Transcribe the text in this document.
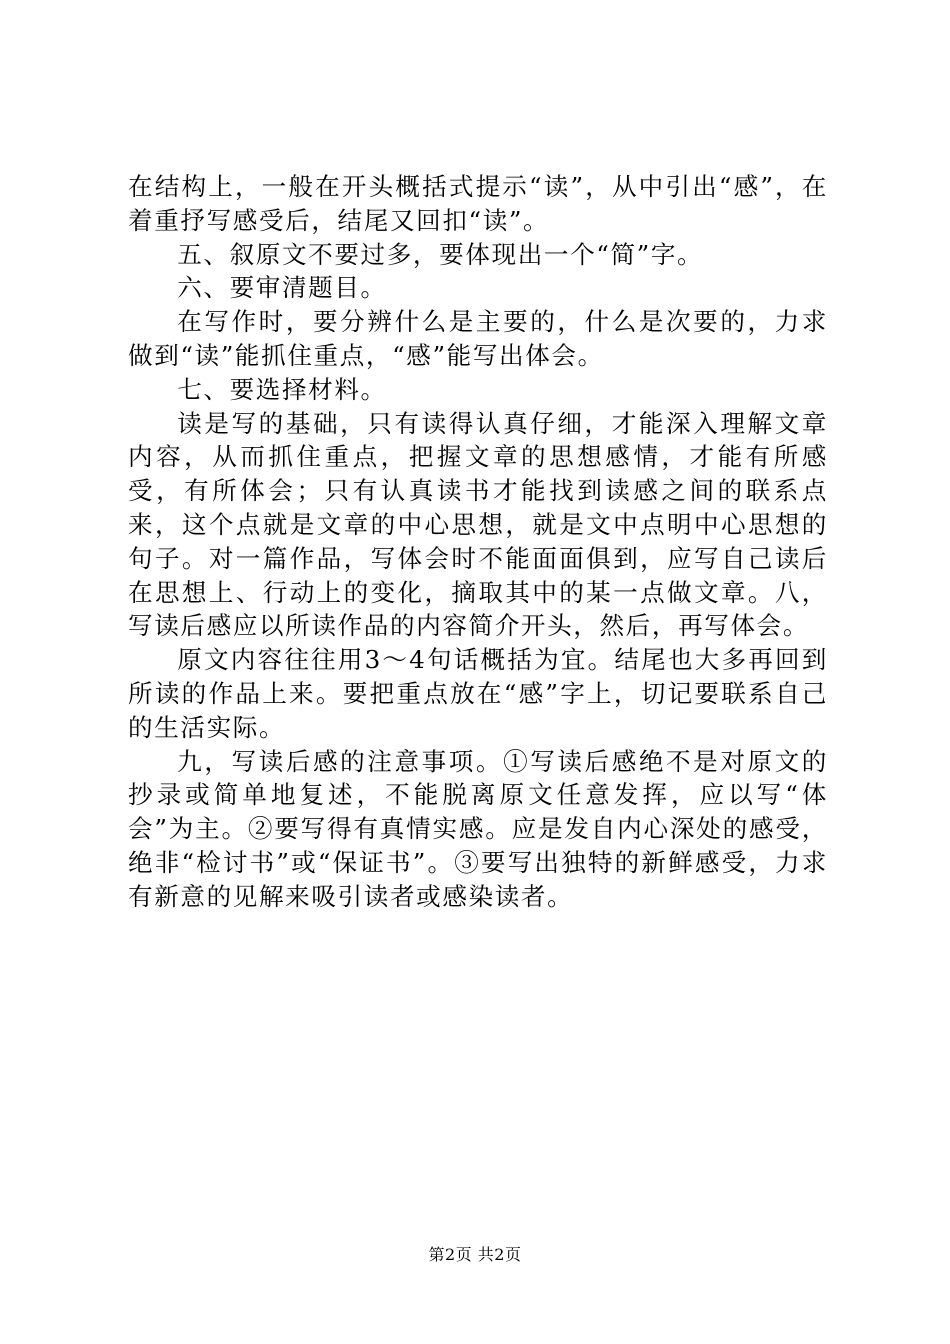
在结构上，一般在开头概括式提示“读”，从中引出“感”，在着重抒写感受后，结尾又回扣“读”。

五、叙原文不要过多，要体现出一个“简”字。

六、要审清题目。

在写作时，要分辨什么是主要的，什么是次要的，力求做到“读”能抓住重点，“感”能写出体会。

七、要选择材料。

读是写的基础，只有读得认真仔细，才能深入理解文章内容，从而抓住重点，把握文章的思想感情，才能有所感受，有所体会；只有认真读书才能找到读感之间的联系点来，这个点就是文章的中心思想，就是文中点明中心思想的句子。对一篇作品，写体会时不能面面俱到，应写自己读后在思想上、行动上的变化，摘取其中的某一点做文章。八，写读后感应以所读作品的内容简介开头，然后，再写体会。

原文内容往往用3～4句话概括为宜。结尾也大多再回到所读的作品上来。要把重点放在“感”字上，切记要联系自己的生活实际。

九，写读后感的注意事项。①写读后感绝不是对原文的抄录或简单地复述，不能脱离原文任意发挥，应以写“体会”为主。②要写得有真情实感。应是发自内心深处的感受，绝非“检讨书”或“保证书”。③要写出独特的新鲜感受，力求有新意的见解来吸引读者或感染读者。

第2页 共2页
